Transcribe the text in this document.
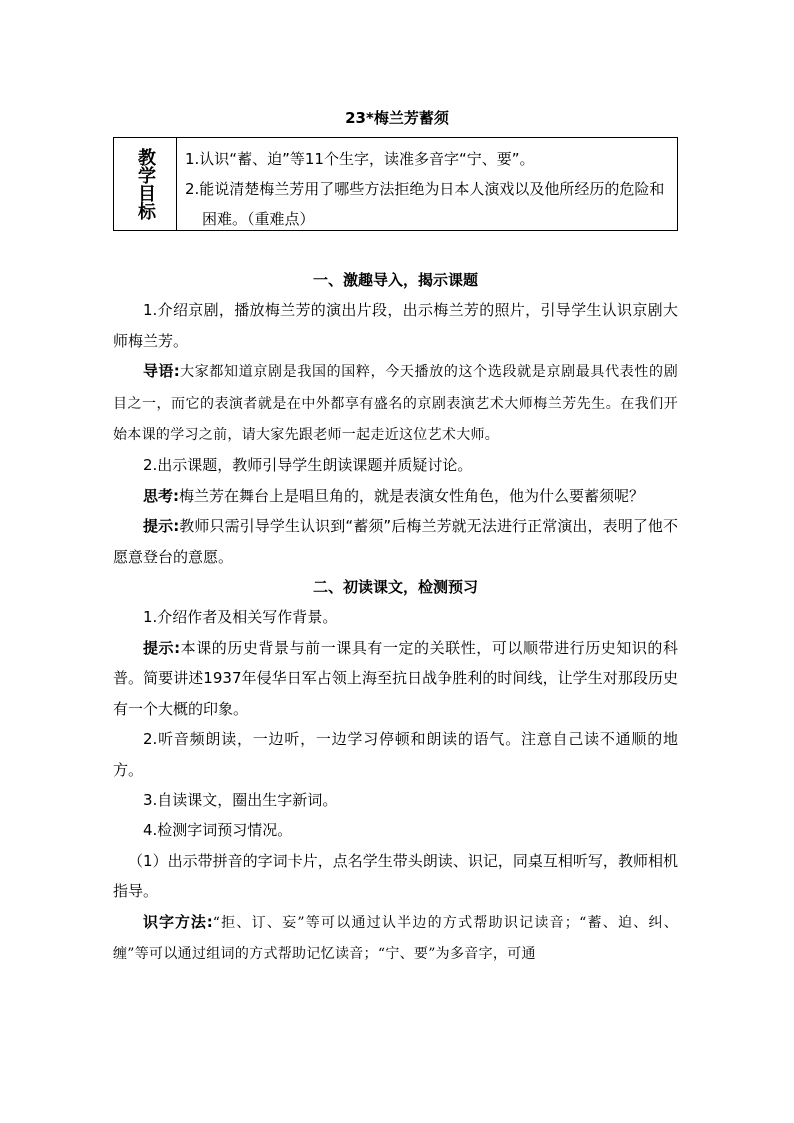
23*梅兰芳蓄须
教学目标 1.认识“蓄、迫”等11个生字，读准多音字“宁、要”。

2.能说清楚梅兰芳用了哪些方法拒绝为日本人演戏以及他所经历的危险和困难。（重难点）

一、激趣导入，揭示课题

1.介绍京剧，播放梅兰芳的演出片段，出示梅兰芳的照片，引导学生认识京剧大师梅兰芳。

导语:大家都知道京剧是我国的国粹，今天播放的这个选段就是京剧最具代表性的剧目之一，而它的表演者就是在中外都享有盛名的京剧表演艺术大师梅兰芳先生。在我们开始本课的学习之前，请大家先跟老师一起走近这位艺术大师。

2.出示课题，教师引导学生朗读课题并质疑讨论。

思考:梅兰芳在舞台上是唱旦角的，就是表演女性角色，他为什么要蓄须呢？

提示:教师只需引导学生认识到“蓄须”后梅兰芳就无法进行正常演出，表明了他不愿意登台的意愿。

二、初读课文，检测预习

1.介绍作者及相关写作背景。

提示:本课的历史背景与前一课具有一定的关联性，可以顺带进行历史知识的科普。简要讲述1937年侵华日军占领上海至抗日战争胜利的时间线，让学生对那段历史有一个大概的印象。

2.听音频朗读，一边听，一边学习停顿和朗读的语气。注意自己读不通顺的地方。

3.自读课文，圈出生字新词。

4.检测字词预习情况。

（1）出示带拼音的字词卡片，点名学生带头朗读、识记，同桌互相听写，教师相机指导。

识字方法:“拒、订、妄”等可以通过认半边的方式帮助识记读音；“蓄、迫、纠、缠”等可以通过组词的方式帮助记忆读音；“宁、要”为多音字，可通
